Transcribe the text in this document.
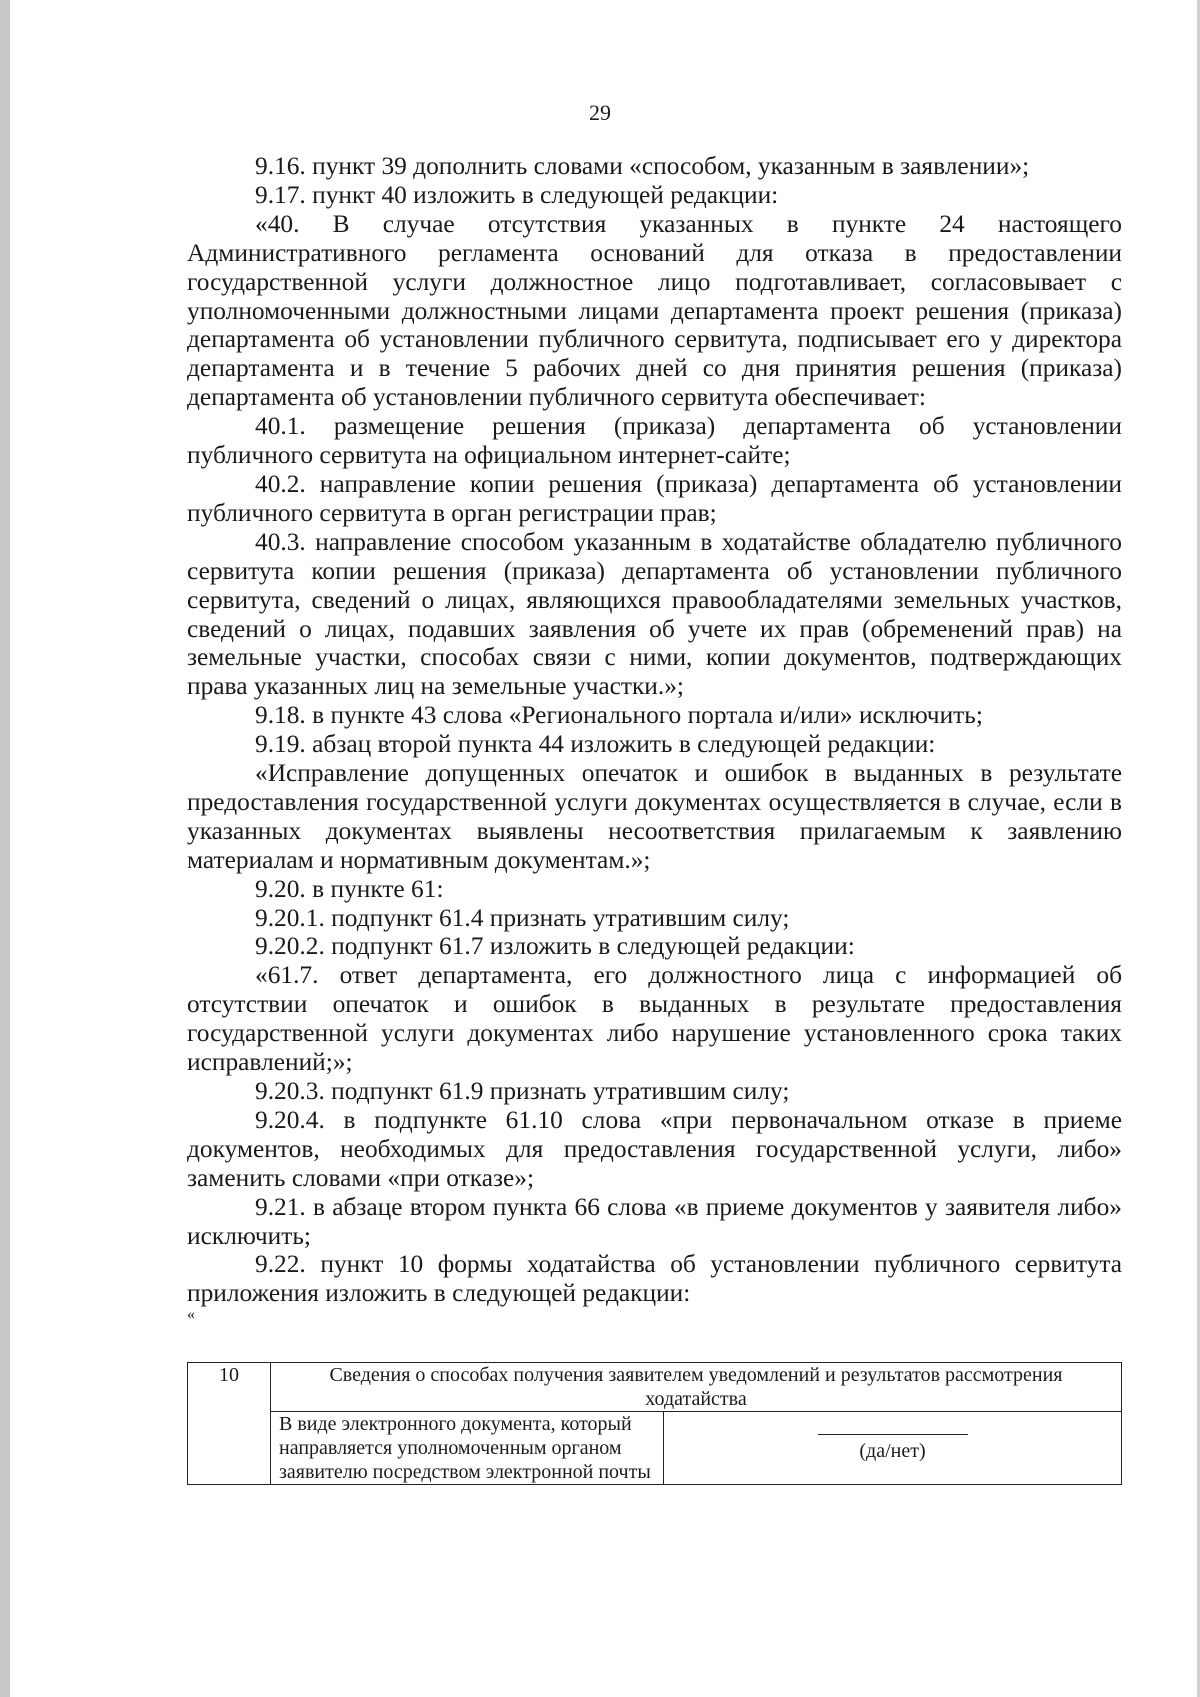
29

9.16. пункт 39 дополнить словами «способом, указанным в заявлении»;

9.17. пункт 40 изложить в следующей редакции:

«40. В случае отсутствия указанных в пункте 24 настоящего Административного регламента оснований для отказа в предоставлении государственной услуги должностное лицо подготавливает, согласовывает с уполномоченными должностными лицами департамента проект решения (приказа) департамента об установлении публичного сервитута, подписывает его у директора департамента и в течение 5 рабочих дней со дня принятия решения (приказа) департамента об установлении публичного сервитута обеспечивает:

40.1. размещение решения (приказа) департамента об установлении публичного сервитута на официальном интернет-сайте;

40.2. направление копии решения (приказа) департамента об установлении публичного сервитута в орган регистрации прав;

40.3. направление способом указанным в ходатайстве обладателю публичного сервитута копии решения (приказа) департамента об установлении публичного сервитута, сведений о лицах, являющихся правообладателями земельных участков, сведений о лицах, подавших заявления об учете их прав (обременений прав) на земельные участки, способах связи с ними, копии документов, подтверждающих права указанных лиц на земельные участки.»;

9.18. в пункте 43 слова «Регионального портала и/или» исключить;

9.19. абзац второй пункта 44 изложить в следующей редакции:

«Исправление допущенных опечаток и ошибок в выданных в результате предоставления государственной услуги документах осуществляется в случае, если в указанных документах выявлены несоответствия прилагаемым к заявлению материалам и нормативным документам.»;

9.20. в пункте 61:

9.20.1. подпункт 61.4 признать утратившим силу;

9.20.2. подпункт 61.7 изложить в следующей редакции:

«61.7. ответ департамента, его должностного лица с информацией об отсутствии опечаток и ошибок в выданных в результате предоставления государственной услуги документах либо нарушение установленного срока таких исправлений;»;

9.20.3. подпункт 61.9 признать утратившим силу;

9.20.4. в подпункте 61.10 слова «при первоначальном отказе в приеме документов, необходимых для предоставления государственной услуги, либо» заменить словами «при отказе»;

9.21. в абзаце втором пункта 66 слова «в приеме документов у заявителя либо» исключить;

9.22. пункт 10 формы ходатайства об установлении публичного сервитута приложения изложить в следующей редакции:

«

10	Сведения о способах получения заявителем уведомлений и результатов рассмотрения ходатайства	
	В виде электронного документа, который направляется уполномоченным органом заявителю посредством электронной почты	(да/нет)
